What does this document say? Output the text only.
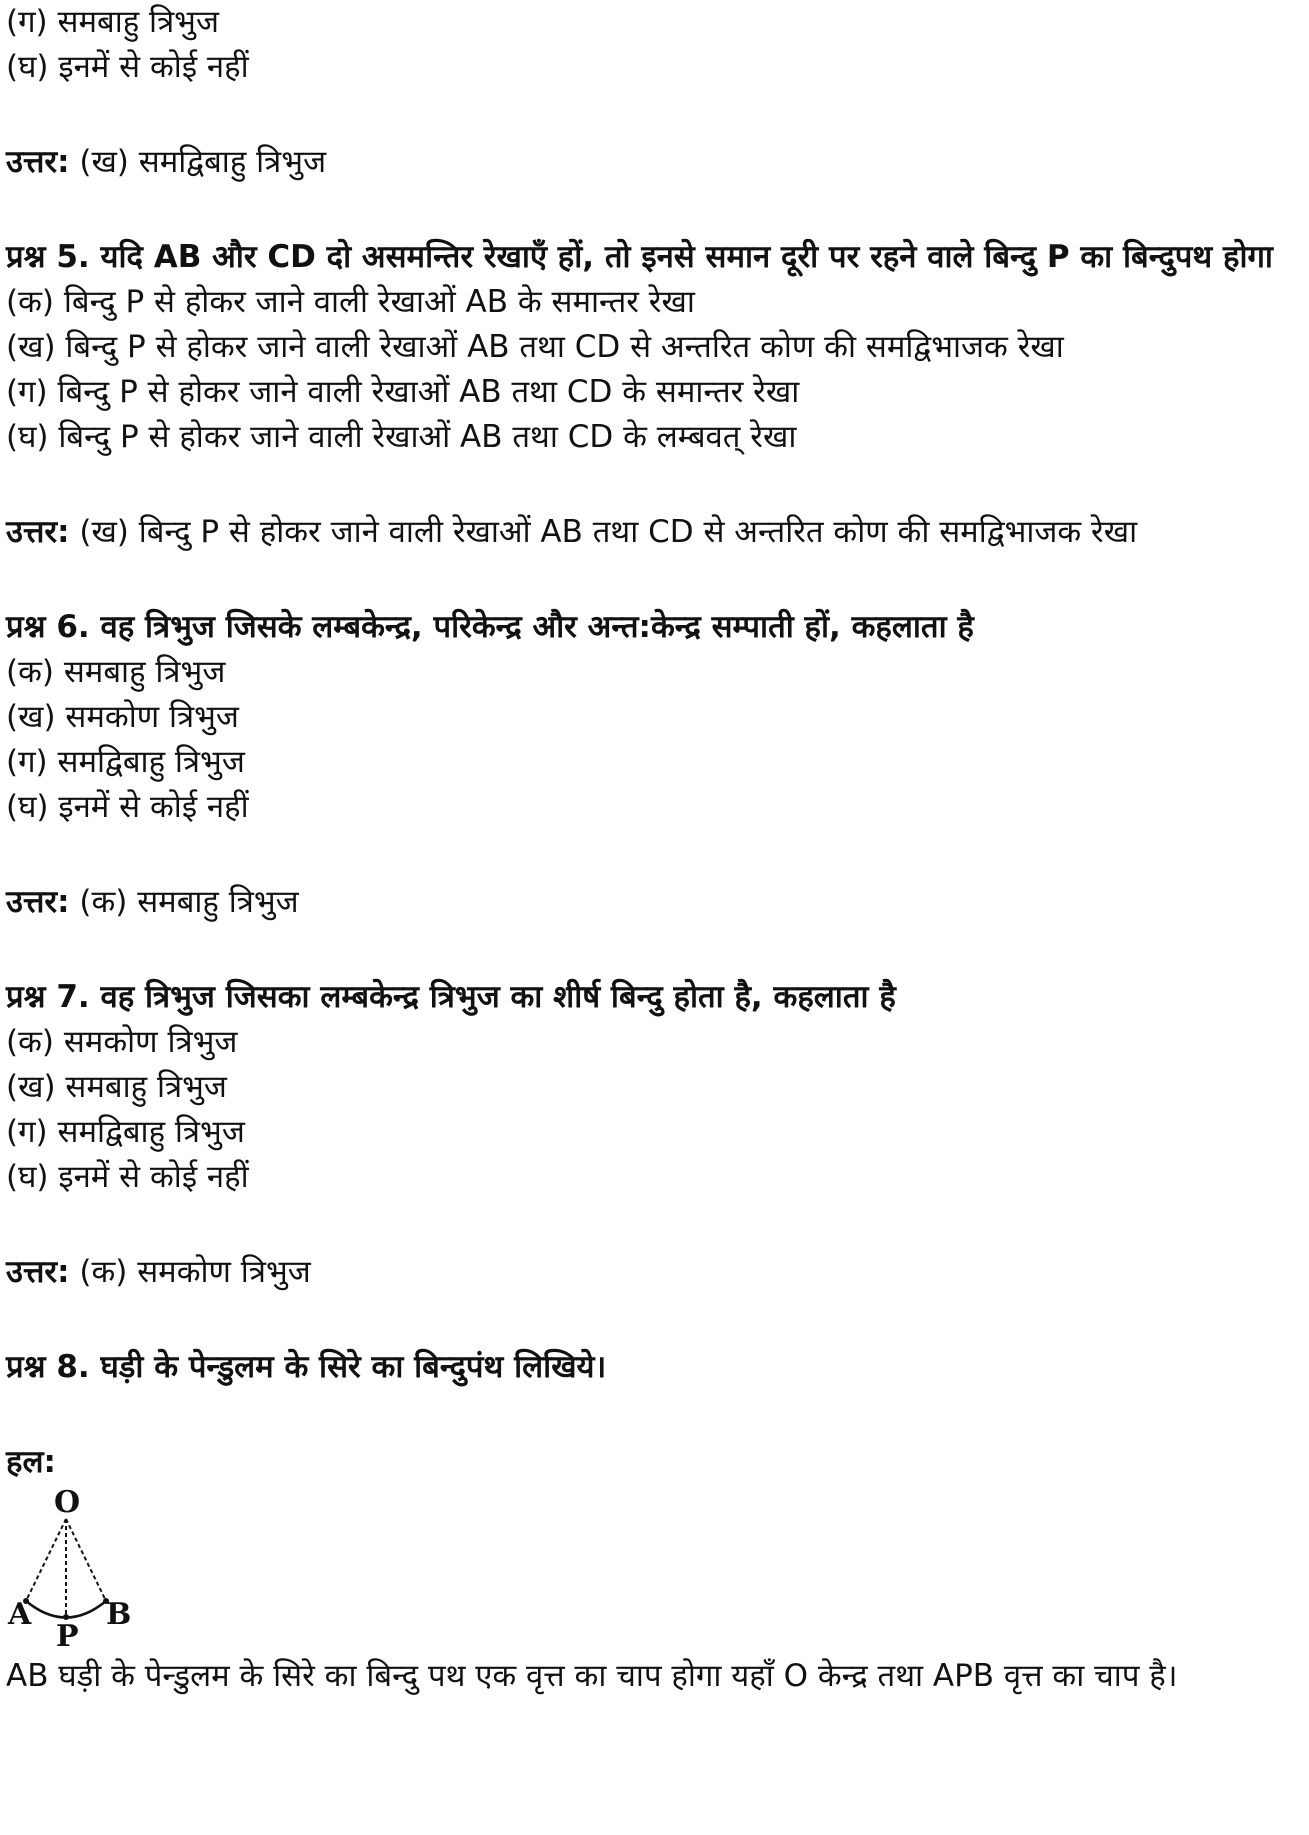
(ग) समबाहु त्रिभुज
(घ) इनमें से कोई नहीं
उत्तर: (ख) समद्विबाहु त्रिभुज
प्रश्न 5. यदि AB और CD दो असमन्तिर रेखाएँ हों, तो इनसे समान दूरी पर रहने वाले बिन्दु P का बिन्दुपथ होगा
(क) बिन्दु P से होकर जाने वाली रेखाओं AB के समान्तर रेखा
(ख) बिन्दु P से होकर जाने वाली रेखाओं AB तथा CD से अन्तरित कोण की समद्विभाजक रेखा
(ग) बिन्दु P से होकर जाने वाली रेखाओं AB तथा CD के समान्तर रेखा
(घ) बिन्दु P से होकर जाने वाली रेखाओं AB तथा CD के लम्बवत् रेखा
उत्तर: (ख) बिन्दु P से होकर जाने वाली रेखाओं AB तथा CD से अन्तरित कोण की समद्विभाजक रेखा
प्रश्न 6. वह त्रिभुज जिसके लम्बकेन्द्र, परिकेन्द्र और अन्त:केन्द्र सम्पाती हों, कहलाता है
(क) समबाहु त्रिभुज
(ख) समकोण त्रिभुज
(ग) समद्विबाहु त्रिभुज
(घ) इनमें से कोई नहीं
उत्तर: (क) समबाहु त्रिभुज
प्रश्न 7. वह त्रिभुज जिसका लम्बकेन्द्र त्रिभुज का शीर्ष बिन्दु होता है, कहलाता है
(क) समकोण त्रिभुज
(ख) समबाहु त्रिभुज
(ग) समद्विबाहु त्रिभुज
(घ) इनमें से कोई नहीं
उत्तर: (क) समकोण त्रिभुज
प्रश्न 8. घड़ी के पेन्डुलम के सिरे का बिन्दुपंथ लिखिये।
हल:
O
A B
P
AB घड़ी के पेन्डुलम के सिरे का बिन्दु पथ एक वृत्त का चाप होगा यहाँ O केन्द्र तथा APB वृत्त का चाप है।
